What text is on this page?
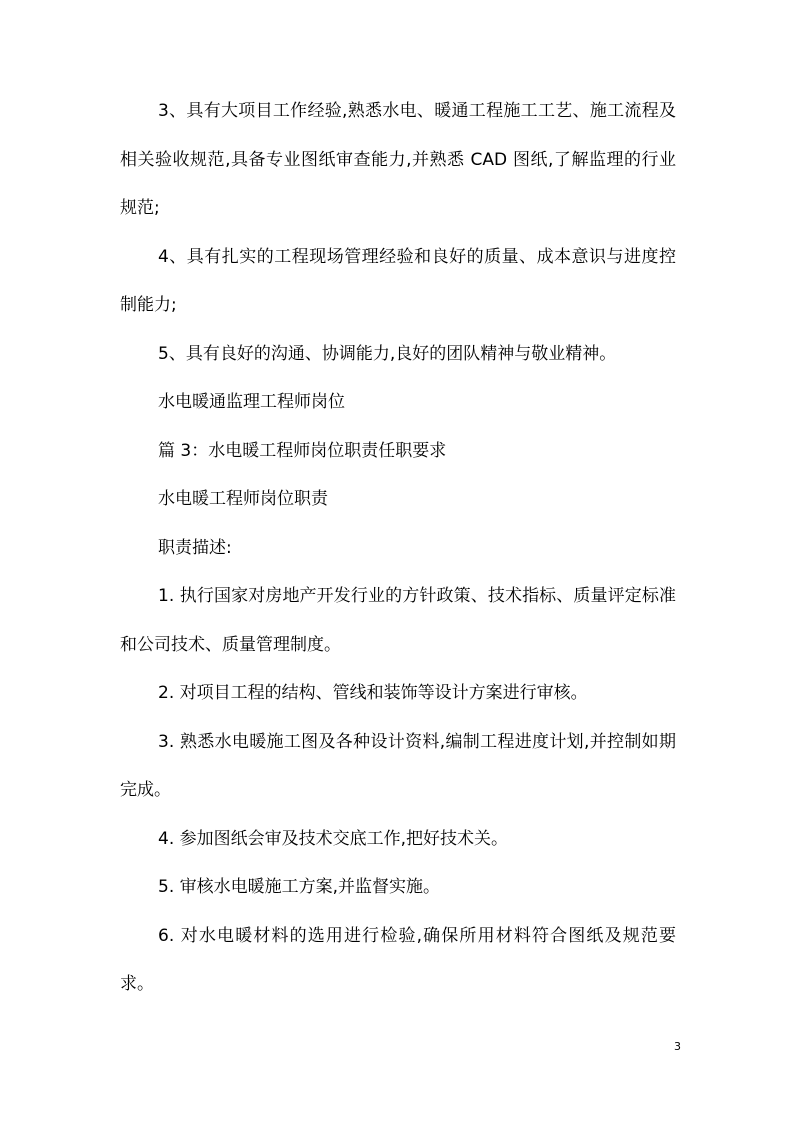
3、具有大项目工作经验,熟悉水电、暖通工程施工工艺、施工流程及相关验收规范,具备专业图纸审查能力,并熟悉 CAD 图纸,了解监理的行业规范;

4、具有扎实的工程现场管理经验和良好的质量、成本意识与进度控制能力;

5、具有良好的沟通、协调能力,良好的团队精神与敬业精神。

水电暖通监理工程师岗位

篇 3：水电暖工程师岗位职责任职要求

水电暖工程师岗位职责

职责描述:

1. 执行国家对房地产开发行业的方针政策、技术指标、质量评定标准和公司技术、质量管理制度。

2. 对项目工程的结构、管线和装饰等设计方案进行审核。

3. 熟悉水电暖施工图及各种设计资料,编制工程进度计划,并控制如期完成。

4. 参加图纸会审及技术交底工作,把好技术关。

5. 审核水电暖施工方案,并监督实施。

6. 对水电暖材料的选用进行检验,确保所用材料符合图纸及规范要求。

3
